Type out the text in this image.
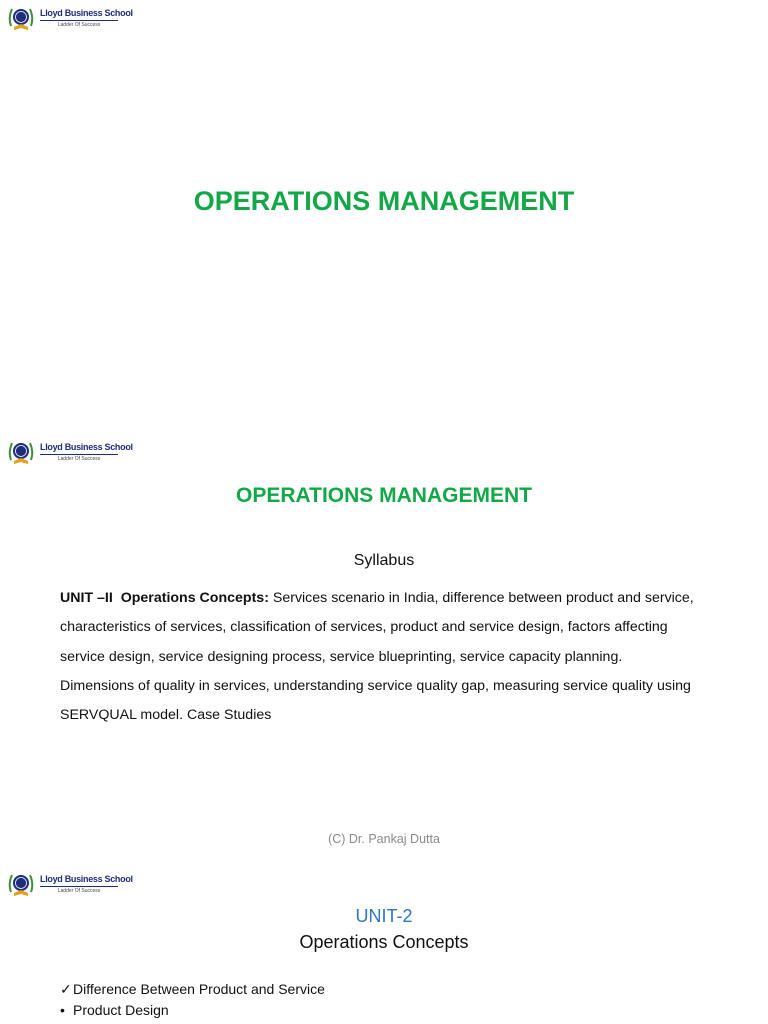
Lloyd Business School
Ladder Of Success
OPERATIONS MANAGEMENT
Lloyd Business School
Ladder Of Success
OPERATIONS MANAGEMENT
Syllabus
UNIT –II Operations Concepts: Services scenario in India, difference between product and service,
characteristics of services, classification of services, product and service design, factors affecting
service design, service designing process, service blueprinting, service capacity planning.
Dimensions of quality in services, understanding service quality gap, measuring service quality using
SERVQUAL model. Case Studies
(C) Dr. Pankaj Dutta
Lloyd Business School
Ladder Of Success
UNIT-2
Operations Concepts
✓ Difference Between Product and Service
• Product Design
